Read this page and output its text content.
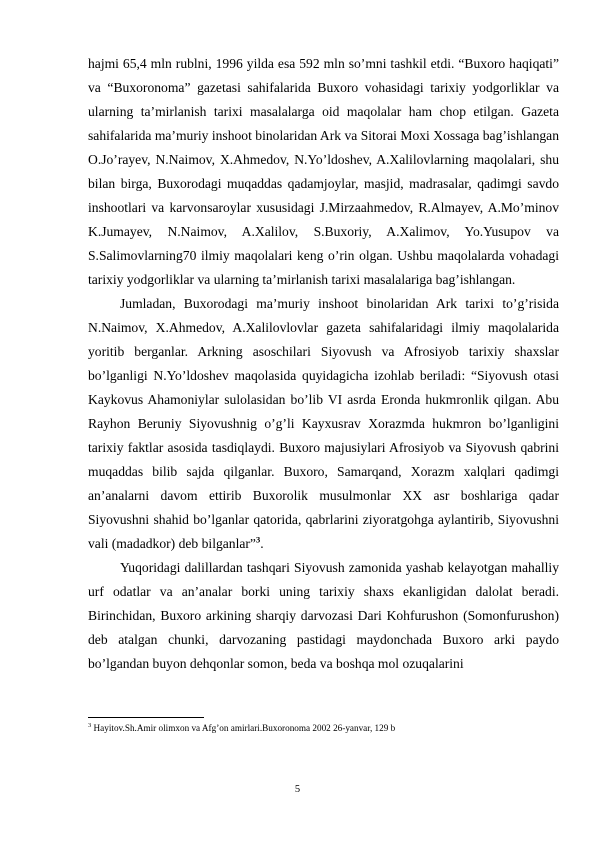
hajmi 65,4 mln rublni, 1996 yilda esa 592 mln so’mni tashkil etdi. “Buxoro haqiqati” va “Buxoronoma” gazetasi sahifalarida Buxoro vohasidagi tarixiy yodgorliklar va ularning ta’mirlanish tarixi masalalarga oid maqolalar ham chop etilgan. Gazeta sahifalarida ma’muriy inshoot binolaridan Ark va Sitorai Moxi Xossaga bag’ishlangan O.Jo’rayev, N.Naimov, X.Ahmedov, N.Yo’ldoshev, A.Xalilovlarning maqolalari, shu bilan birga, Buxorodagi muqaddas qadamjoylar, masjid, madrasalar, qadimgi savdo inshootlari va karvonsaroylar xususidagi J.Mirzaahmedov, R.Almayev, A.Mo’minov K.Jumayev, N.Naimov, A.Xalilov, S.Buxoriy, A.Xalimov, Yo.Yusupov va S.Salimovlarning70 ilmiy maqolalari keng o’rin olgan. Ushbu maqolalarda vohadagi tarixiy yodgorliklar va ularning ta’mirlanish tarixi masalalariga bag’ishlangan.

Jumladan, Buxorodagi ma’muriy inshoot binolaridan Ark tarixi to’g’risida N.Naimov, X.Ahmedov, A.Xalilovlovlar gazeta sahifalaridagi ilmiy maqolalarida yoritib berganlar. Arkning asoschilari Siyovush va Afrosiyob tarixiy shaxslar bo’lganligi N.Yo’ldoshev maqolasida quyidagicha izohlab beriladi: “Siyovush otasi Kaykovus Ahamoniylar sulolasidan bo’lib VI asrda Eronda hukmronlik qilgan. Abu Rayhon Beruniy Siyovushnig o’g’li Kayxusrav Xorazmda hukmron bo’lganligini tarixiy faktlar asosida tasdiqlaydi. Buxoro majusiylari Afrosiyob va Siyovush qabrini muqaddas bilib sajda qilganlar. Buxoro, Samarqand, Xorazm xalqlari qadimgi an’analarni davom ettirib Buxorolik musulmonlar XX asr boshlariga qadar Siyovushni shahid bo’lganlar qatorida, qabrlarini ziyoratgohga aylantirib, Siyovushni vali (madadkor) deb bilganlar”$^3$.

Yuqoridagi dalillardan tashqari Siyovush zamonida yashab kelayotgan mahalliy urf odatlar va an’analar borki uning tarixiy shaxs ekanligidan dalolat beradi. Birinchidan, Buxoro arkining sharqiy darvozasi Dari Kohfurushon (Somonfurushon) deb atalgan chunki, darvozaning pastidagi maydonchada Buxoro arki paydo bo’lgandan buyon dehqonlar somon, beda va boshqa mol ozuqalarini

$^3$ Hayitov.Sh.Amir olimxon va Afg’on amirlari.Buxoronoma 2002 26-yanvar, 129 b
5
